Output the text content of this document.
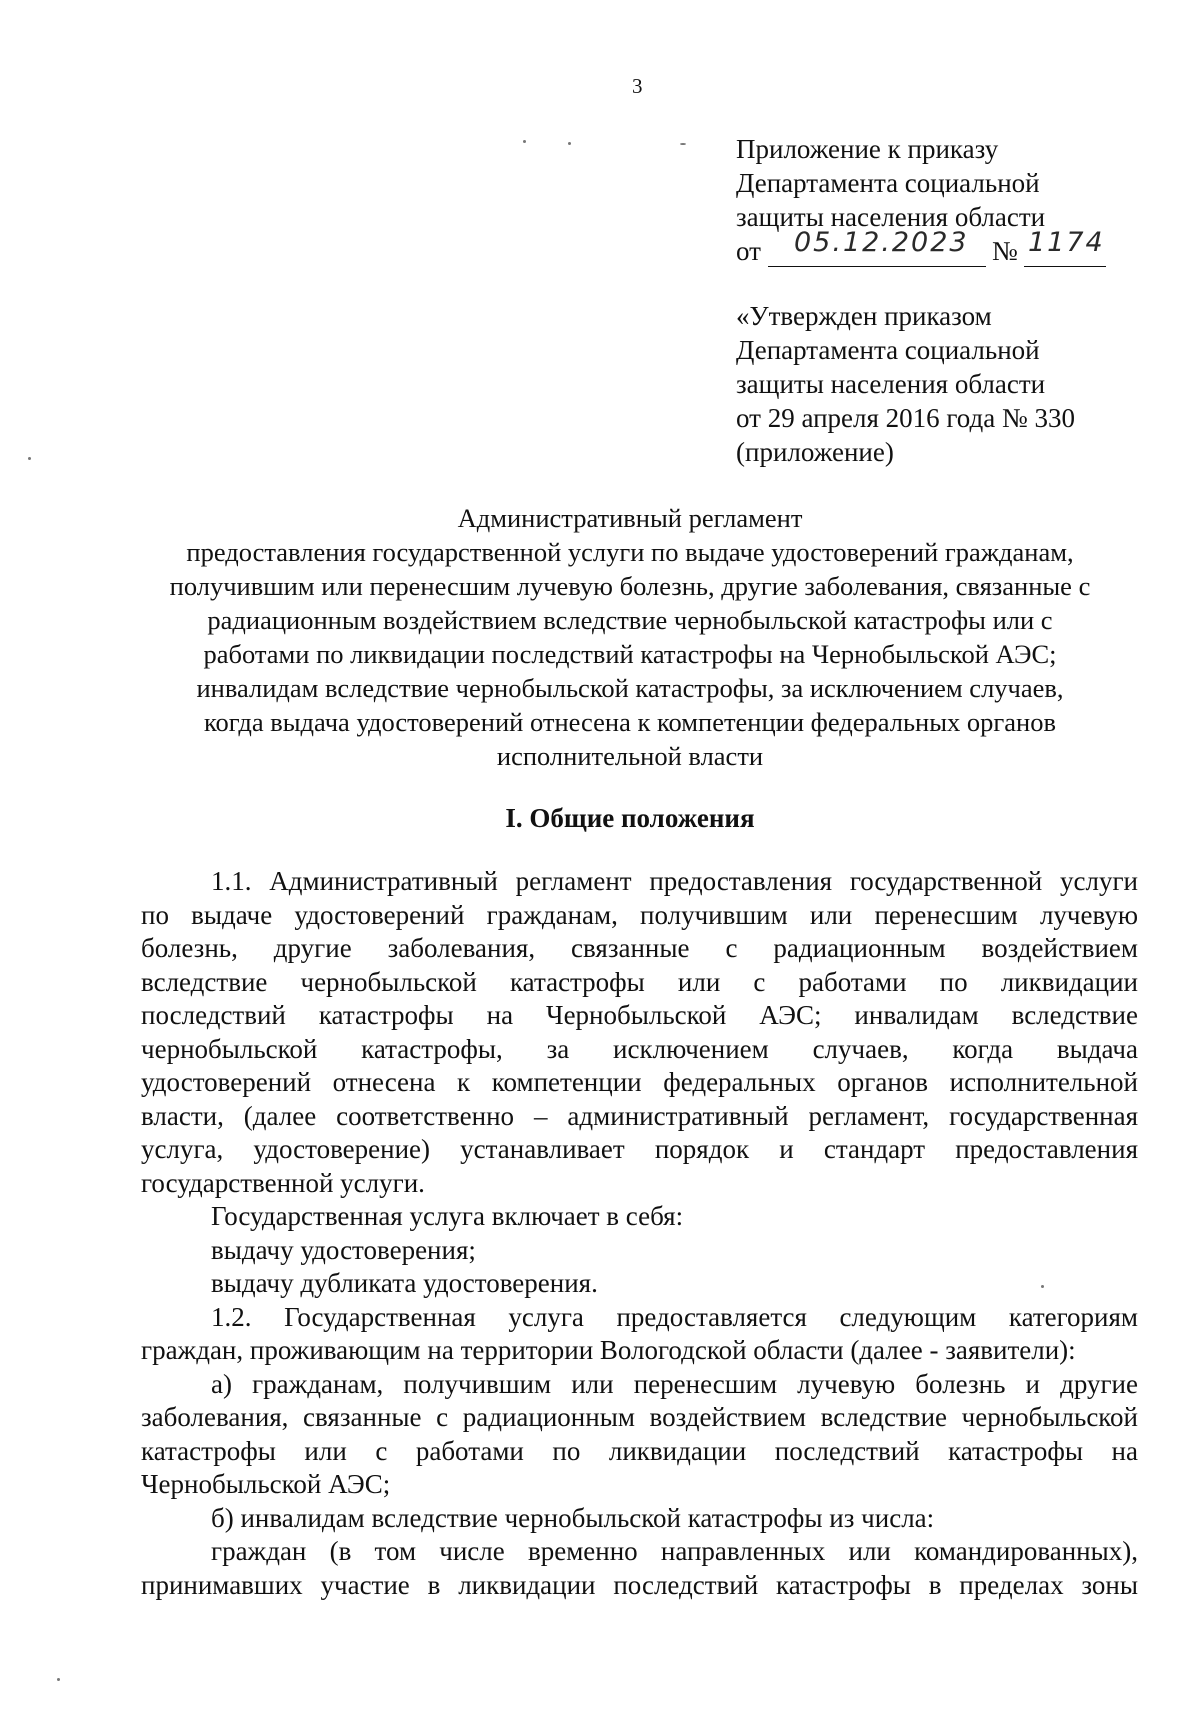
3
Приложение к приказу
Департамента социальной
защиты населения области
от 05.12.2023 № 1174
«Утвержден приказом
Департамента социальной
защиты населения области
от 29 апреля 2016 года № 330
(приложение)
Административный регламент
предоставления государственной услуги по выдаче удостоверений гражданам,
получившим или перенесшим лучевую болезнь, другие заболевания, связанные с
радиационным воздействием вследствие чернобыльской катастрофы или с
работами по ликвидации последствий катастрофы на Чернобыльской АЭС;
инвалидам вследствие чернобыльской катастрофы, за исключением случаев,
когда выдача удостоверений отнесена к компетенции федеральных органов
исполнительной власти
I. Общие положения
1.1. Административный регламент предоставления государственной услуги
по выдаче удостоверений гражданам, получившим или перенесшим лучевую
болезнь, другие заболевания, связанные с радиационным воздействием
вследствие чернобыльской катастрофы или с работами по ликвидации
последствий катастрофы на Чернобыльской АЭС; инвалидам вследствие
чернобыльской катастрофы, за исключением случаев, когда выдача
удостоверений отнесена к компетенции федеральных органов исполнительной
власти, (далее соответственно – административный регламент, государственная
услуга, удостоверение) устанавливает порядок и стандарт предоставления
государственной услуги.
Государственная услуга включает в себя:
выдачу удостоверения;
выдачу дубликата удостоверения.
1.2. Государственная услуга предоставляется следующим категориям
граждан, проживающим на территории Вологодской области (далее - заявители):
а) гражданам, получившим или перенесшим лучевую болезнь и другие
заболевания, связанные с радиационным воздействием вследствие чернобыльской
катастрофы или с работами по ликвидации последствий катастрофы на
Чернобыльской АЭС;
б) инвалидам вследствие чернобыльской катастрофы из числа:
граждан (в том числе временно направленных или командированных),
принимавших участие в ликвидации последствий катастрофы в пределах зоны
